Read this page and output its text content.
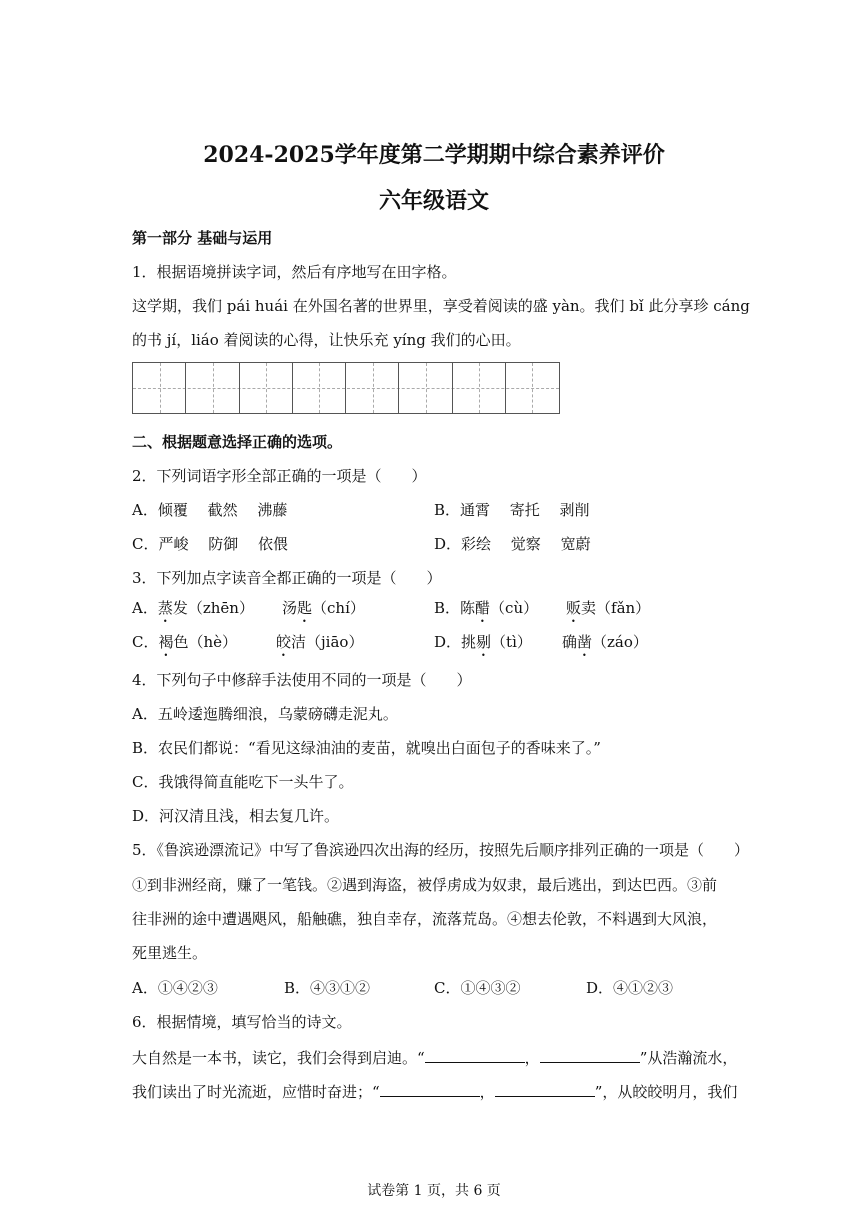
2024-2025学年度第二学期期中综合素养评价
六年级语文
第一部分 基础与运用
1．根据语境拼读字词，然后有序地写在田字格。
这学期，我们 pái huái 在外国名著的世界里，享受着阅读的盛 yàn。我们 bǐ 此分享珍 cáng
的书 jí，liáo 着阅读的心得，让快乐充 yíng 我们的心田。
二、根据题意选择正确的选项。
2．下列词语字形全部正确的一项是（　　）
A．倾覆　 截然　 沸藤	B．通霄　 寄托　 剥削
C．严峻　 防御　 依偎	D．彩绘　 觉察　 宽蔚
3．下列加点字读音全都正确的一项是（　　）
A．蒸发（zhēn） 汤匙（chí）	B．陈醋（cù） 贩卖（fǎn）
C．褐色（hè）	皎洁（jiāo）	D．挑剔（tì） 确凿（záo）
4．下列句子中修辞手法使用不同的一项是（　　）
A．五岭逶迤腾细浪，乌蒙磅礴走泥丸。
B．农民们都说：“看见这绿油油的麦苗，就嗅出白面包子的香味来了。”
C．我饿得简直能吃下一头牛了。
D．河汉清且浅，相去复几许。
5．《鲁滨逊漂流记》中写了鲁滨逊四次出海的经历，按照先后顺序排列正确的一项是（　　）
①到非洲经商，赚了一笔钱。②遇到海盗，被俘虏成为奴隶，最后逃出，到达巴西。③前
往非洲的途中遭遇飓风，船触礁，独自幸存，流落荒岛。④想去伦敦，不料遇到大风浪，
死里逃生。
A．①④②③	B．④③①②	C．①④③②	D．④①②③
6．根据情境，填写恰当的诗文。
大自然是一本书，读它，我们会得到启迪。“	，	”从浩瀚流水，
我们读出了时光流逝，应惜时奋进；“	，	”，从皎皎明月，我们
试卷第 1 页，共 6 页
